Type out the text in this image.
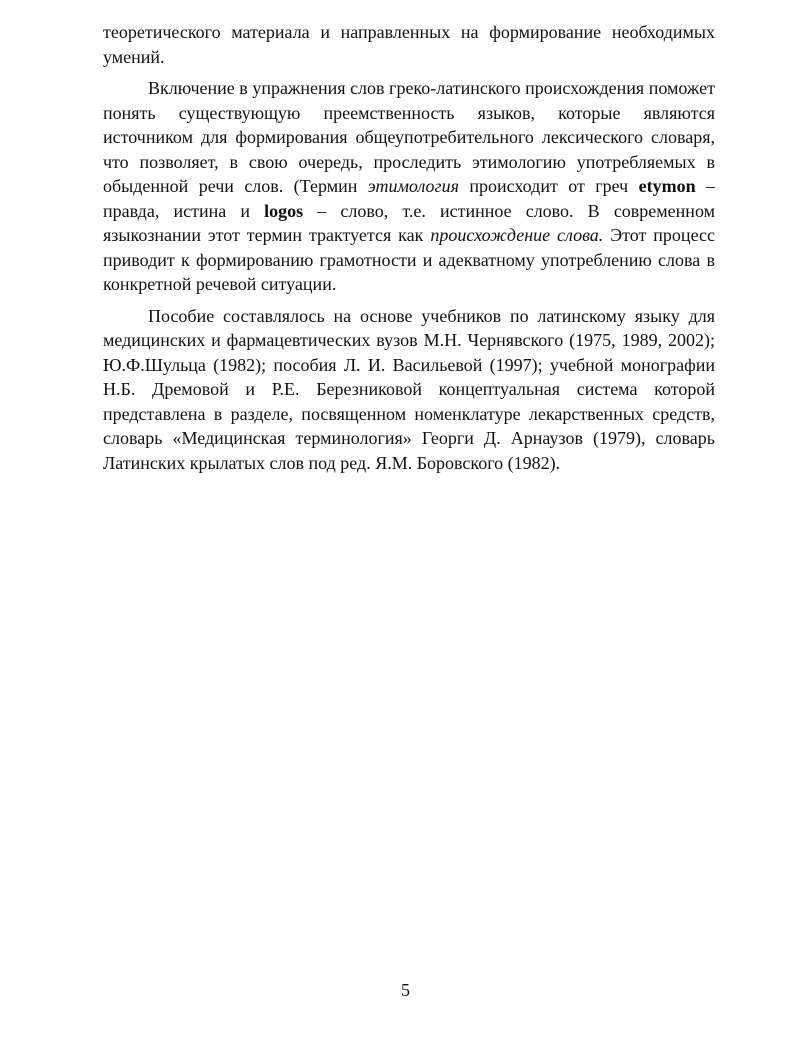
теоретического материала и направленных на формирование необходимых умений.

Включение в упражнения слов греко-латинского происхождения поможет понять существующую преемственность языков, которые являются источником для формирования общеупотребительного лексического словаря, что позволяет, в свою очередь, проследить этимологию употребляемых в обыденной речи слов. (Термин этимология происходит от греч etymon – правда, истина и logos – слово, т.е. истинное слово. В современном языкознании этот термин трактуется как происхождение слова. Этот процесс приводит к формированию грамотности и адекватному употреблению слова в конкретной речевой ситуации.

Пособие составлялось на основе учебников по латинскому языку для медицинских и фармацевтических вузов М.Н. Чернявского (1975, 1989, 2002); Ю.Ф.Шульца (1982); пособия Л. И. Васильевой (1997); учебной монографии Н.Б. Дремовой и Р.Е. Березниковой концептуальная система которой представлена в разделе, посвященном номенклатуре лекарственных средств, словарь «Медицинская терминология» Георги Д. Арнаузов (1979), словарь Латинских крылатых слов под ред. Я.М. Боровского (1982).

5
